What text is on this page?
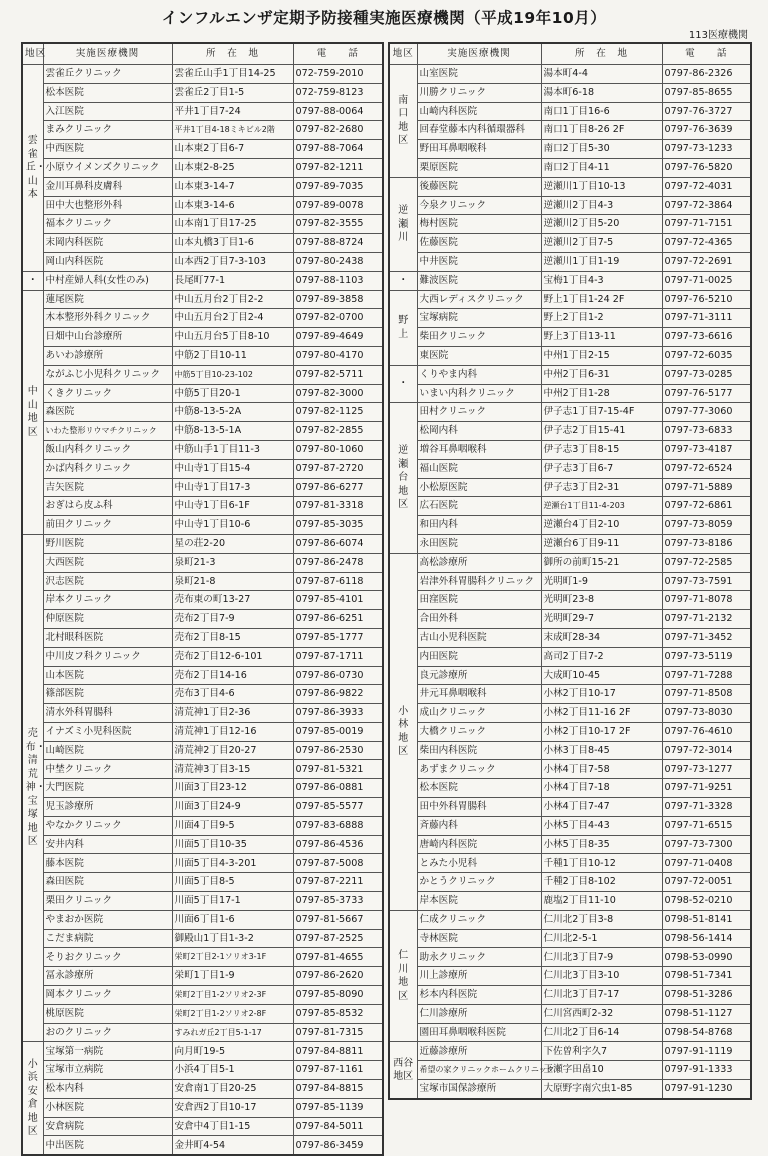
インフルエンザ定期予防接種実施医療機関（平成19年10月）
113医療機関
地区	実施医療機関	所　在　地	電　　話
雲雀丘・山本	雲雀丘クリニック	雲雀丘山手1丁目14-25	072-759-2010
	松本医院	雲雀丘2丁目1-5	072-759-8123
	入江医院	平井1丁目7-24	0797-88-0064
	まみクリニック	平井1丁目4-18ミキビル2階	0797-82-2680
	中西医院	山本東2丁目6-7	0797-88-7064
	小原ウイメンズクリニック	山本東2-8-25	0797-82-1211
	金川耳鼻科皮膚科	山本東3-14-7	0797-89-7035
	田中大也整形外科	山本東3-14-6	0797-89-0078
	福本クリニック	山本南1丁目17-25	0797-82-3555
	末岡内科医院	山本丸橋3丁目1-6	0797-88-8724
	岡山内科医院	山本西2丁目7-3-103	0797-80-2438
・	中村産婦人科(女性のみ)	長尾町77-1	0797-88-1103
中山地区	蓮尾医院	中山五月台2丁目2-2	0797-89-3858
	木本整形外科クリニック	中山五月台2丁目2-4	0797-82-0700
	日畑中山台診療所	中山五月台5丁目8-10	0797-89-4649
	あいわ診療所	中筋2丁目10-11	0797-80-4170
	ながふじ小児科クリニック	中筋5丁目10-23-102	0797-82-5711
	くきクリニック	中筋5丁目20-1	0797-82-3000
	森医院	中筋8-13-5-2A	0797-82-1125
	いわた整形リウマチクリニック	中筋8-13-5-1A	0797-82-2855
	飯山内科クリニック	中筋山手1丁目11-3	0797-80-1060
	かば内科クリニック	中山寺1丁目15-4	0797-87-2720
	吉矢医院	中山寺1丁目17-3	0797-86-6277
	おぎはら皮ふ科	中山寺1丁目6-1F	0797-81-3318
	前田クリニック	中山寺1丁目10-6	0797-85-3035
売布・清荒神・宝塚地区	野川医院	星の荘2-20	0797-86-6074
	大西医院	泉町21-3	0797-86-2478
	沢志医院	泉町21-8	0797-87-6118
	岸本クリニック	売布東の町13-27	0797-85-4101
	仲原医院	売布2丁目7-9	0797-86-6251
	北村眼科医院	売布2丁目8-15	0797-85-1777
	中川皮フ科クリニック	売布2丁目12-6-101	0797-87-1711
	山本医院	売布2丁目14-16	0797-86-0730
	篠部医院	売布3丁目4-6	0797-86-9822
	清水外科胃腸科	清荒神1丁目2-36	0797-86-3933
	イナズミ小児科医院	清荒神1丁目12-16	0797-85-0019
	山崎医院	清荒神2丁目20-27	0797-86-2530
	中埜クリニック	清荒神3丁目3-15	0797-81-5321
	大門医院	川面3丁目23-12	0797-86-0881
	児玉診療所	川面3丁目24-9	0797-85-5577
	やなかクリニック	川面4丁目9-5	0797-83-6888
	安井内科	川面5丁目10-35	0797-86-4536
	藤本医院	川面5丁目4-3-201	0797-87-5008
	森田医院	川面5丁目8-5	0797-87-2211
	栗田クリニック	川面5丁目17-1	0797-85-3733
	やまおか医院	川面6丁目1-6	0797-81-5667
	こだま病院	御殿山1丁目1-3-2	0797-87-2525
	そりおクリニック	栄町2丁目2-1ソリオ3-1F	0797-81-4655
	冨永診療所	栄町1丁目1-9	0797-86-2620
	岡本クリニック	栄町2丁目1-2ソリオ2-3F	0797-85-8090
	桃原医院	栄町2丁目1-2ソリオ2-8F	0797-85-8532
	おのクリニック	すみれガ丘2丁目5-1-17	0797-81-7315
小浜安倉地区	宝塚第一病院	向月町19-5	0797-84-8811
	宝塚市立病院	小浜4丁目5-1	0797-87-1161
	松本内科	安倉南1丁目20-25	0797-84-8815
	小林医院	安倉西2丁目10-17	0797-85-1139
	安倉病院	安倉中4丁目1-15	0797-84-5011
	中出医院	金井町4-54	0797-86-3459
地区	実施医療機関	所　在　地	電　　話
南口地区	山室医院	湯本町4-4	0797-86-2326
	川勝クリニック	湯本町6-18	0797-85-8655
	山崎内科医院	南口1丁目16-6	0797-76-3727
	回春堂藤本内科循環器科	南口1丁目8-26 2F	0797-76-3639
	野田耳鼻咽喉科	南口2丁目5-30	0797-73-1233
	栗原医院	南口2丁目4-11	0797-76-5820
逆瀬川	後藤医院	逆瀬川1丁目10-13	0797-72-4031
	今泉クリニック	逆瀬川2丁目4-3	0797-72-3864
	梅村医院	逆瀬川2丁目5-20	0797-71-7151
	佐藤医院	逆瀬川2丁目7-5	0797-72-4365
	中井医院	逆瀬川1丁目1-19	0797-72-2691
・	難波医院	宝梅1丁目4-3	0797-71-0025
野上	大西レディスクリニック	野上1丁目1-24 2F	0797-76-5210
	宝塚病院	野上2丁目1-2	0797-71-3111
	柴田クリニック	野上3丁目13-11	0797-73-6616
	東医院	中州1丁目2-15	0797-72-6035
・	くりやま内科	中州2丁目6-31	0797-73-0285
	いまい内科クリニック	中州2丁目1-28	0797-76-5177
逆瀬台地区	田村クリニック	伊子志1丁目7-15-4F	0797-77-3060
	松岡内科	伊子志2丁目15-41	0797-73-6833
	増谷耳鼻咽喉科	伊子志3丁目8-15	0797-73-4187
	福山医院	伊子志3丁目6-7	0797-72-6524
	小松原医院	伊子志3丁目2-31	0797-71-5889
	広石医院	逆瀬台1丁目11-4-203	0797-72-6861
	和田内科	逆瀬台4丁目2-10	0797-73-8059
	永田医院	逆瀬台6丁目9-11	0797-73-8186
小林地区	高松診療所	御所の前町15-21	0797-72-2585
	岩津外科胃腸科クリニック	光明町1-9	0797-73-7591
	田窪医院	光明町23-8	0797-71-8078
	合田外科	光明町29-7	0797-71-2132
	古山小児科医院	末成町28-34	0797-71-3452
	内田医院	高司2丁目7-2	0797-73-5119
	良元診療所	大成町10-45	0797-71-7288
	井元耳鼻咽喉科	小林2丁目10-17	0797-71-8508
	成山クリニック	小林2丁目11-16 2F	0797-73-8030
	大橋クリニック	小林2丁目10-17 2F	0797-76-4610
	柴田内科医院	小林3丁目8-45	0797-72-3014
	あずまクリニック	小林4丁目7-58	0797-73-1277
	松本医院	小林4丁目7-18	0797-71-9251
	田中外科胃腸科	小林4丁目7-47	0797-71-3328
	斉藤内科	小林5丁目4-43	0797-71-6515
	唐崎内科医院	小林5丁目8-35	0797-73-7300
	とみた小児科	千種1丁目10-12	0797-71-0408
	かとうクリニック	千種2丁目8-102	0797-72-0051
	岸本医院	鹿塩2丁目11-10	0798-52-0210
仁川地区	仁成クリニック	仁川北2丁目3-8	0798-51-8141
	寺林医院	仁川北2-5-1	0798-56-1414
	助永クリニック	仁川北3丁目7-9	0798-53-0990
	川上診療所	仁川北3丁目3-10	0798-51-7341
	杉本内科医院	仁川北3丁目7-17	0798-51-3286
	仁川診療所	仁川宮西町2-32	0798-51-1127
	園田耳鼻咽喉科医院	仁川北2丁目6-14	0798-54-8768
西谷地区	近藤診療所	下佐曽利字久7	0797-91-1119
	希望の家クリニックホームクリニック	玉瀬字田畠10	0797-91-1333
	宝塚市国保診療所	大原野字南穴虫1-85	0797-91-1230
